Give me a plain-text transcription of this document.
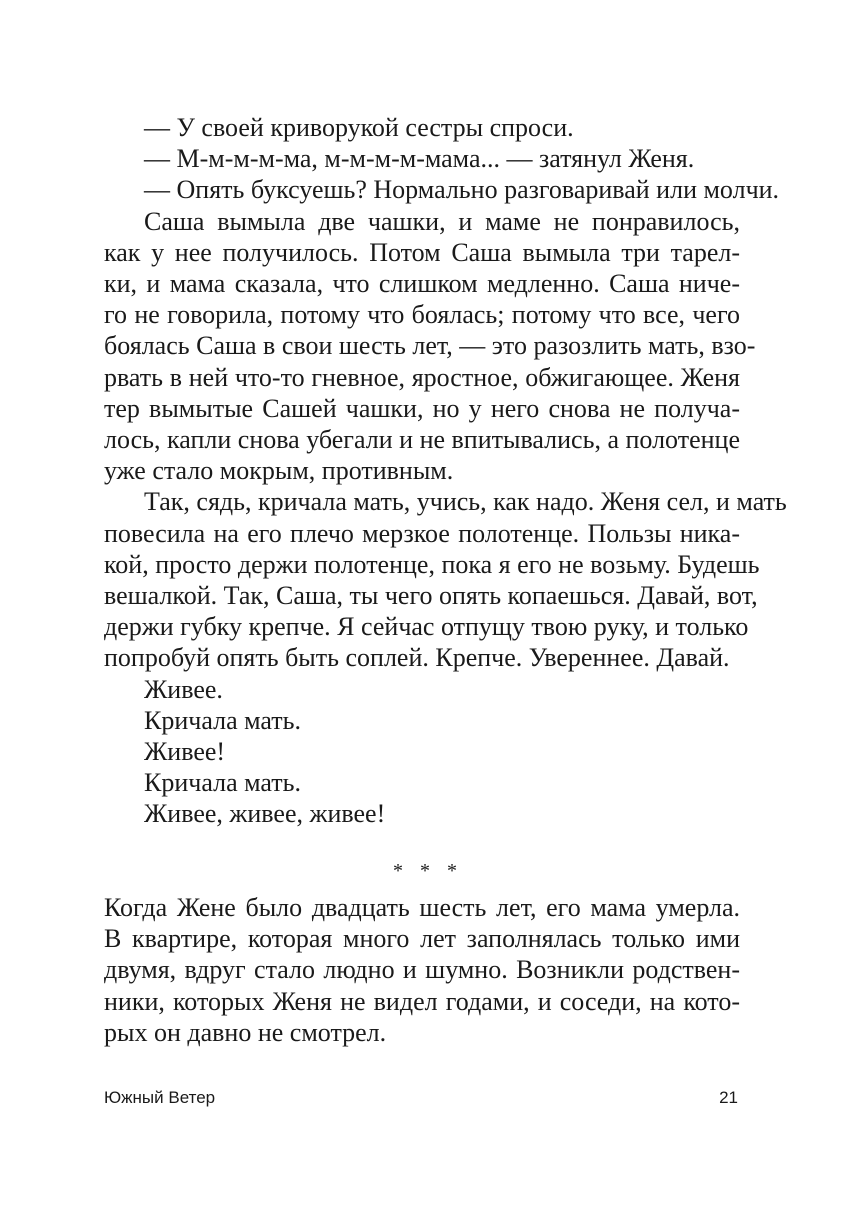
— У своей криворукой сестры спроси.
— М-м-м-м-ма, м-м-м-м-мама... — затянул Женя.
— Опять буксуешь? Нормально разговаривай или молчи.
Саша вымыла две чашки, и маме не понравилось,
как у нее получилось. Потом Саша вымыла три тарел-
ки, и мама сказала, что слишком медленно. Саша ниче-
го не говорила, потому что боялась; потому что все, чего
боялась Саша в свои шесть лет, — это разозлить мать, взо-
рвать в ней что-то гневное, яростное, обжигающее. Женя
тер вымытые Сашей чашки, но у него снова не получа-
лось, капли снова убегали и не впитывались, а полотенце
уже стало мокрым, противным.
Так, сядь, кричала мать, учись, как надо. Женя сел, и мать
повесила на его плечо мерзкое полотенце. Пользы ника-
кой, просто держи полотенце, пока я его не возьму. Будешь
вешалкой. Так, Саша, ты чего опять копаешься. Давай, вот,
держи губку крепче. Я сейчас отпущу твою руку, и только
попробуй опять быть соплей. Крепче. Увереннее. Давай.
Живее.
Кричала мать.
Живее!
Кричала мать.
Живее, живее, живее!
* * *
Когда Жене было двадцать шесть лет, его мама умерла.
В квартире, которая много лет заполнялась только ими
двумя, вдруг стало людно и шумно. Возникли родствен-
ники, которых Женя не видел годами, и соседи, на кото-
рых он давно не смотрел.
Южный Ветер	21
